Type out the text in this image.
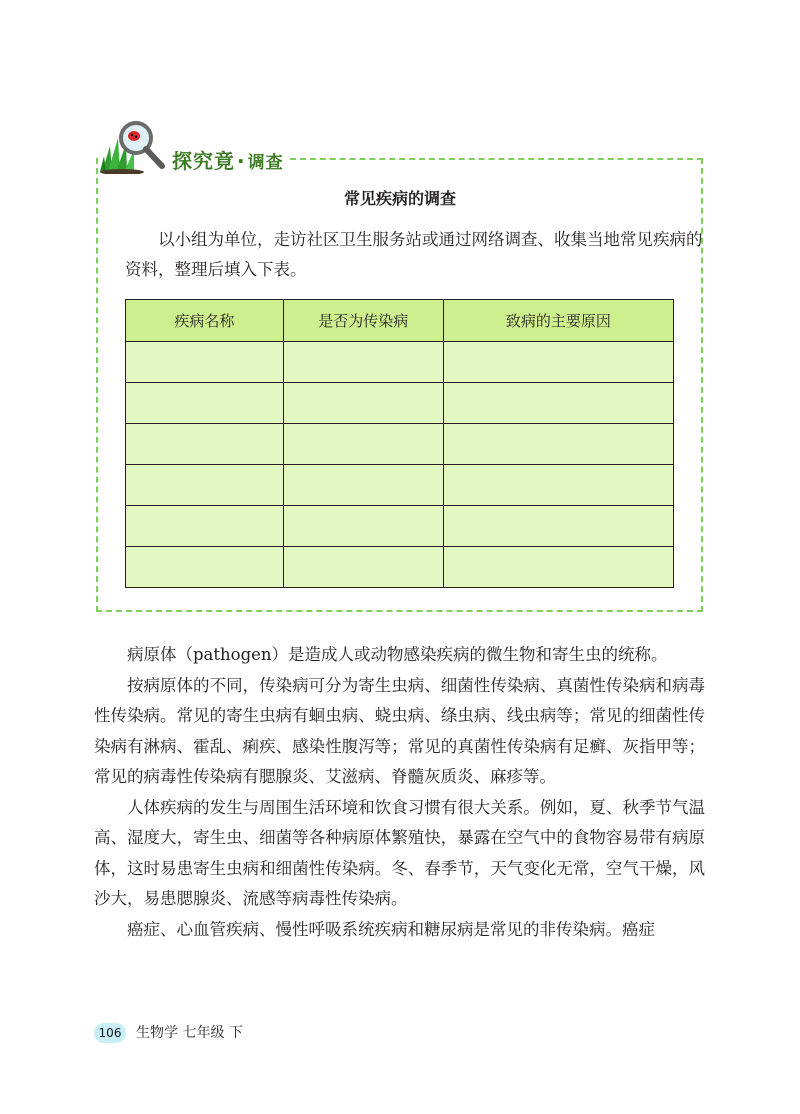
探究竟 · 调查
常见疾病的调查
以小组为单位，走访社区卫生服务站或通过网络调查、收集当地常见疾病的资料，整理后填入下表。
疾病名称	是否为传染病	致病的主要原因

病原体（pathogen）是造成人或动物感染疾病的微生物和寄生虫的统称。

按病原体的不同，传染病可分为寄生虫病、细菌性传染病、真菌性传染病和病毒性传染病。常见的寄生虫病有蛔虫病、蛲虫病、绦虫病、线虫病等；常见的细菌性传染病有淋病、霍乱、痢疾、感染性腹泻等；常见的真菌性传染病有足癣、灰指甲等；常见的病毒性传染病有腮腺炎、艾滋病、脊髓灰质炎、麻疹等。

人体疾病的发生与周围生活环境和饮食习惯有很大关系。例如，夏、秋季节气温高、湿度大，寄生虫、细菌等各种病原体繁殖快，暴露在空气中的食物容易带有病原体，这时易患寄生虫病和细菌性传染病。冬、春季节，天气变化无常，空气干燥，风沙大，易患腮腺炎、流感等病毒性传染病。

癌症、心血管疾病、慢性呼吸系统疾病和糖尿病是常见的非传染病。癌症

106	生物学 七年级 下
